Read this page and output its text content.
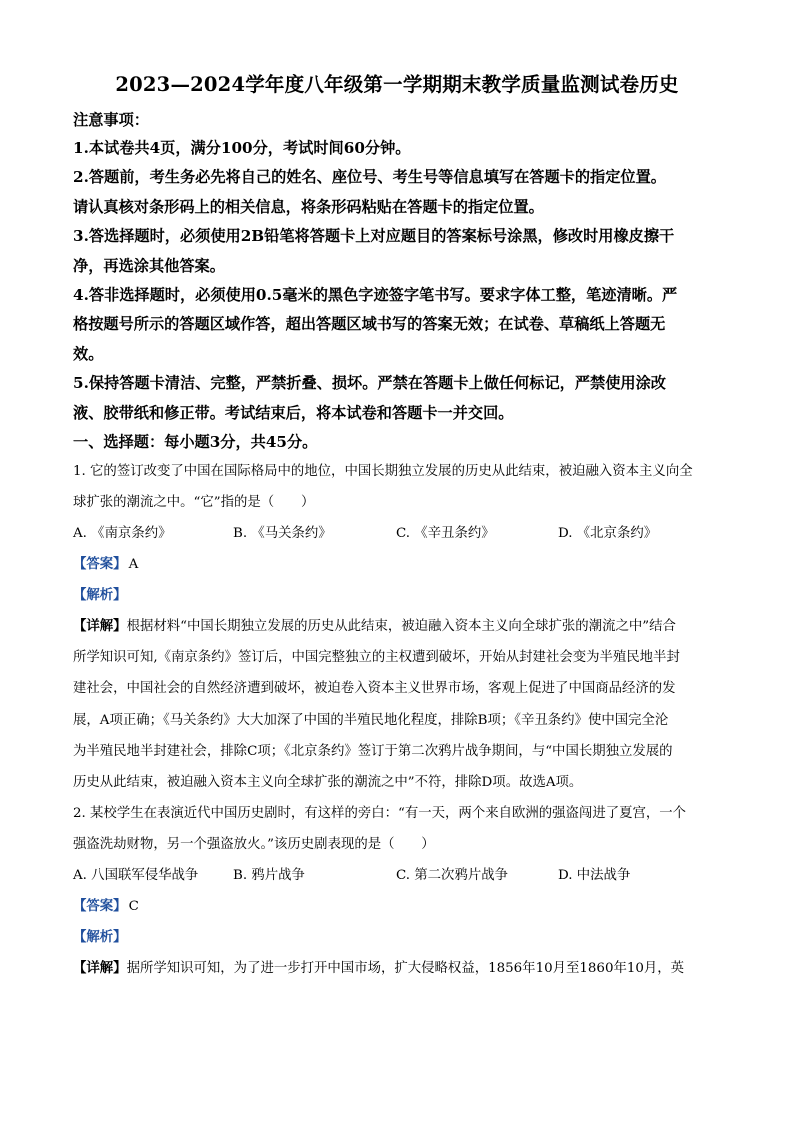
2023—2024学年度八年级第一学期期末教学质量监测试卷历史
注意事项：
1.本试卷共4页，满分100分，考试时间60分钟。
2.答题前，考生务必先将自己的姓名、座位号、考生号等信息填写在答题卡的指定位置。
请认真核对条形码上的相关信息，将条形码粘贴在答题卡的指定位置。
3.答选择题时，必须使用2B铅笔将答题卡上对应题目的答案标号涂黑，修改时用橡皮擦干
净，再选涂其他答案。
4.答非选择题时，必须使用0.5毫米的黑色字迹签字笔书写。要求字体工整，笔迹清晰。严
格按题号所示的答题区域作答，超出答题区域书写的答案无效；在试卷、草稿纸上答题无
效。
5.保持答题卡清洁、完整，严禁折叠、损坏。严禁在答题卡上做任何标记，严禁使用涂改
液、胶带纸和修正带。考试结束后，将本试卷和答题卡一并交回。
一、选择题：每小题3分，共45分。
1. 它的签订改变了中国在国际格局中的地位，中国长期独立发展的历史从此结束，被迫融入资本主义向全
球扩张的潮流之中。“它”指的是（　　）
A. 《南京条约》	B. 《马关条约》	C. 《辛丑条约》	D. 《北京条约》
【答案】 A
【解析】
【详解】根据材料“中国长期独立发展的历史从此结束，被迫融入资本主义向全球扩张的潮流之中”结合
所学知识可知,《南京条约》签订后，中国完整独立的主权遭到破坏，开始从封建社会变为半殖民地半封
建社会，中国社会的自然经济遭到破坏，被迫卷入资本主义世界市场，客观上促进了中国商品经济的发
展，A项正确；《马关条约》大大加深了中国的半殖民地化程度，排除B项；《辛丑条约》使中国完全沦
为半殖民地半封建社会，排除C项；《北京条约》签订于第二次鸦片战争期间，与“中国长期独立发展的
历史从此结束，被迫融入资本主义向全球扩张的潮流之中”不符，排除D项。故选A项。
2. 某校学生在表演近代中国历史剧时，有这样的旁白：“有一天，两个来自欧洲的强盗闯进了夏宫，一个
强盗洗劫财物，另一个强盗放火。”该历史剧表现的是（　　）
A. 八国联军侵华战争	B. 鸦片战争	C. 第二次鸦片战争	D. 中法战争
【答案】 C
【解析】
【详解】据所学知识可知，为了进一步打开中国市场，扩大侵略权益，1856年10月至1860年10月，英
